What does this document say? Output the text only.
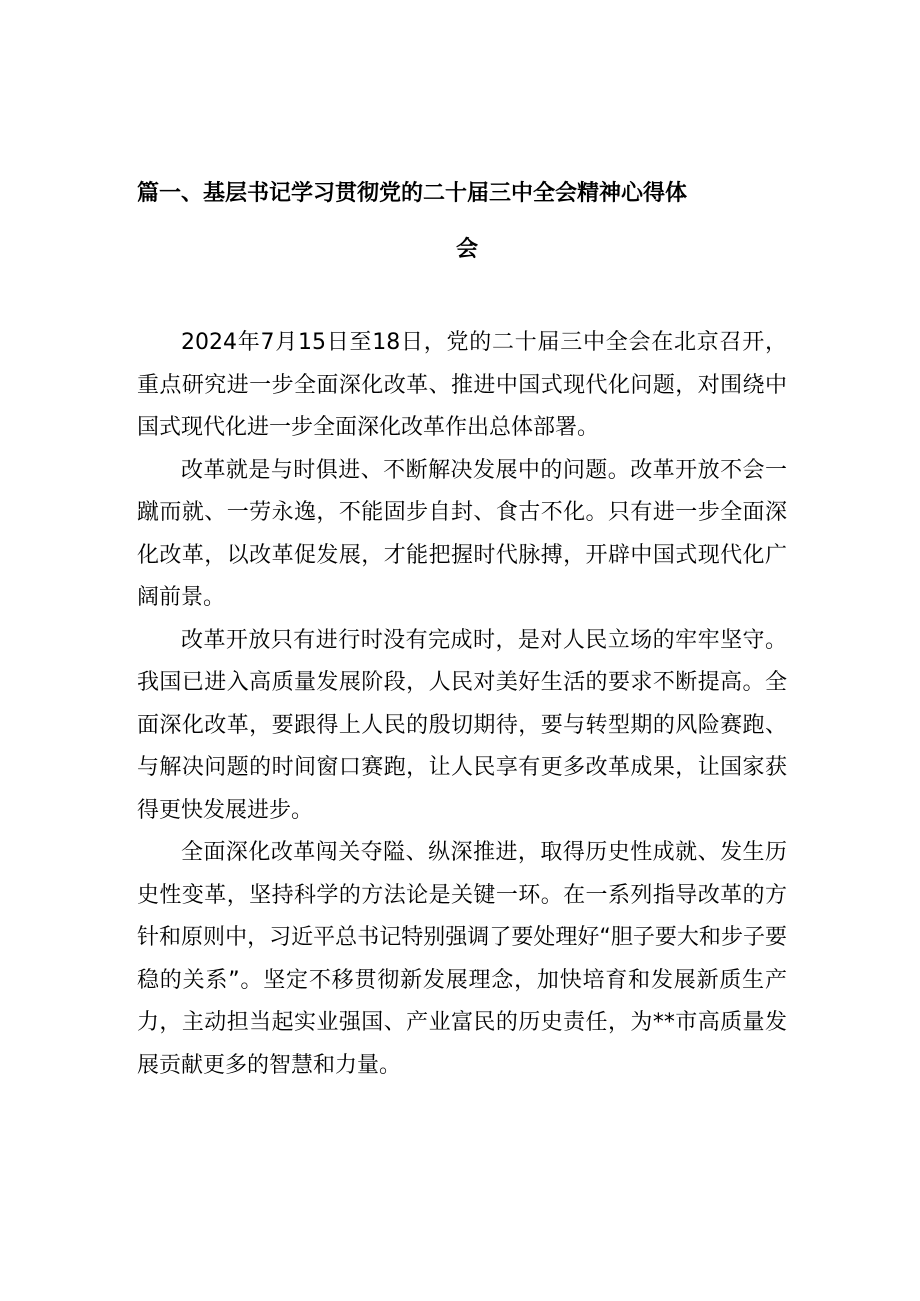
篇一、基层书记学习贯彻党的二十届三中全会精神心得体
会

2024年7月15日至18日，党的二十届三中全会在北京召开，重点研究进一步全面深化改革、推进中国式现代化问题，对围绕中国式现代化进一步全面深化改革作出总体部署。

改革就是与时俱进、不断解决发展中的问题。改革开放不会一蹴而就、一劳永逸，不能固步自封、食古不化。只有进一步全面深化改革，以改革促发展，才能把握时代脉搏，开辟中国式现代化广阔前景。

改革开放只有进行时没有完成时，是对人民立场的牢牢坚守。我国已进入高质量发展阶段，人民对美好生活的要求不断提高。全面深化改革，要跟得上人民的殷切期待，要与转型期的风险赛跑、与解决问题的时间窗口赛跑，让人民享有更多改革成果，让国家获得更快发展进步。

全面深化改革闯关夺隘、纵深推进，取得历史性成就、发生历史性变革，坚持科学的方法论是关键一环。在一系列指导改革的方针和原则中，习近平总书记特别强调了要处理好“胆子要大和步子要稳的关系”。坚定不移贯彻新发展理念，加快培育和发展新质生产力，主动担当起实业强国、产业富民的历史责任，为**市高质量发展贡献更多的智慧和力量。
